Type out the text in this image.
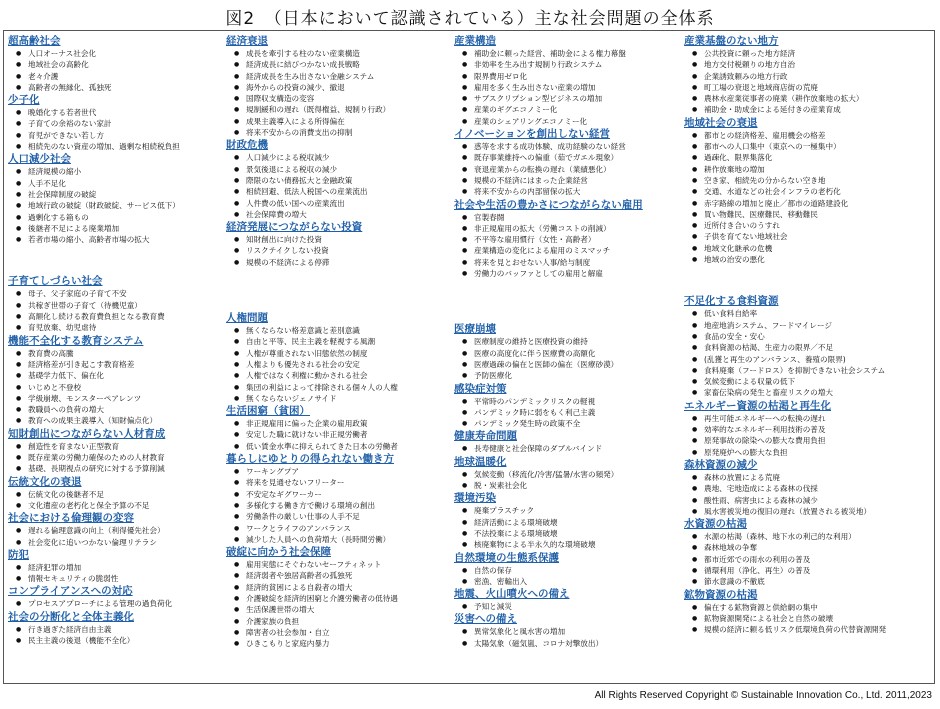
図2　（日本において認識されている）主な社会問題の全体系
超高齢社会
● 人口オーナス社会化
● 地域社会の高齢化
● 老々介護
● 高齢者の無縁化、孤独死
少子化
● 晩婚化する若者世代
● 子育ての余裕のない家計
● 育児ができない若し方
● 相続先のない資産の増加、過剰な相続税負担
人口減少社会
● 経済規模の縮小
● 人手不足化
● 社会保障制度の破綻
● 地域行政の破綻（財政破綻、サービス低下）
● 過剰化する箱もの
● 後継者不足による廃業増加
● 若者市場の縮小、高齢者市場の拡大
子育てしづらい社会
● 母子、父子家庭の子育て不安
● 共稼ぎ世帯の子育て（待機児童）
● 高額化し続ける教育費負担となる教育費
● 育児放棄、幼児虐待
機能不全化する教育システム
● 教育費の高騰
● 経済格差が引き起こす教育格差
● 基礎学力低下、偏在化
● いじめと不登校
● 学級崩壊、モンスターペアレンツ
● 教職員への負荷の増大
● 教育への成果主義導入（知財偏点化）
知財創出につながらない人材育成
● 創造性を育まない正型教育
● 既存産業の労働力確保のための人材教育
● 基礎、長期視点の研究に対する予算削減
伝統文化の衰退
● 伝統文化の後継者不足
● 文化遺産の老朽化と保全予算の不足
社会における倫理観の変容
● 遅れる倫理意識の向上（利得優先社会）
● 社会変化に追いつかない倫理リテラシ
防犯
● 経済犯罪の増加
● 情報セキュリティの脆弱性
コンプライアンスへの対応
● プロセスアプローチによる管理の過負荷化
社会の分断化と全体主義化
● 行き過ぎた経済自由主義
● 民主主義の後退（機能不全化）
経済衰退
● 成長を牽引する柱のない産業構造
● 経済成長に結びつかない成長戦略
● 経済成長を生み出さない金融システム
● 海外からの投資の減少、撤退
● 国際収支構造の変容
● 規制緩和の遅れ（既得権益、規制り行政）
● 成果主義導入による所得偏在
● 将来不安からの消費支出の抑制
財政危機
● 人口減少による税収減少
● 景気後退による税収の減少
● 際限のない債務拡大と金融政策
● 相続回避、低法人税国への産業流出
● 人件費の低い国への産業流出
● 社会保障費の増大
経済発展につながらない投資
● 知財創出に向けた投資
● リスクテイクしない投資
● 規模の不経済による停滞
人権問題
● 無くならない格差意識と差別意識
● 自由と平等、民主主義を軽視する風潮
● 人権が尊重されない旧態依然の制度
● 人権よりも優先される社会の安定
● 人権ではなく利権に動かされる社会
● 集団の利益によって排除される個々人の人権
● 無くならないジェノサイド
生活困窮（貧困）
● 非正規雇用に偏った企業の雇用政策
● 安定した職に就けない非正規労働者
● 低い賃金水準に抑えられてきた日本の労働者
暮らしにゆとりの得られない働き方
● ワーキングプア
● 将来を見通せないフリーター
● 不安定なギグワーカー
● 多様化する働き方で働ける環境の創出
● 労働条件の厳しい仕事の人手不足
● ワークとライフのアンバランス
● 減少した人員への負荷増大（長時間労働）
破綻に向かう社会保障
● 雇用実態にそぐわないセーフティネット
● 経済弱者や独居高齢者の孤独死
● 経済的貧困による自殺者の増大
● 介護破綻を経済的困窮と介護労働者の低待遇
● 生活保護世帯の増大
● 介護家族の負担
● 障害者の社会参加・自立
● ひきこもりと家庭内暴力
産業構造
● 補助金に頼った経営、補助金による権力幕盤
● 非効率を生み出す規制り行政システム
● 限界費用ゼロ化
● 雇用を多く生み出さない産業の増加
● サブスクリプション型ビジネスの増加
● 産業のギグエコノミー化
● 産業のシェアリングエコノミー化
イノベーションを創出しない経営
● 惑等を求する成功体験、成功経験のない経営
● 既存事業維持への偏重（茹でガエル現象）
● 衰退産業からの転換の遅れ（業績悪化）
● 規模の不経済にはまった企業経営
● 将来不安からの内部留保の拡大
社会や生活の豊かさにつながらない雇用
● 官製春闘
● 非正規雇用の拡大（労働コストの削減）
● 不平等な雇用慣行（女性・高齢者）
● 産業構造の変化による雇用のミスマッチ
● 将来を見とおせない人事/給与制度
● 労働力のバッファとしての雇用と解雇
医療崩壊
● 医療制度の維持と医療投資の維持
● 医療の高度化に伴う医療費の高額化
● 医療過疎の偏在と医師の偏在（医療砂漠）
● 予防医療化
感染症対策
● 平常時のパンデミックリスクの軽視
● パンデミック時に弱をもく利己主義
● パンデミック発生時の政策不全
健康寿命問題
● 長寿健康と社会保障のダブルバインド
地球温暖化
● 気候変動（移流化/冷害/猛暑/水害の頻発）
● 脱・炭素社会化
環境汚染
● 廃棄プラスチック
● 経済活動による環境破壊
● 不法投棄による環境破壊
● 核廃棄物による半永久的な環境破壊
自然環境の生態系保護
● 自然の保存
● 密漁、密輸出入
地震、火山噴火への備え
● 予知と減災
災害への備え
● 異常気象化と風水害の増加
● 太陽気象（磁気嵐、コロナ対撃放出）
産業基盤のない地方
● 公共投資に頼った地方経済
● 地方交付税頼りの地方自治
● 企業誘致頼みの地方行政
● 町工場の衰退と地域商店街の荒廃
● 農林水産業従事者の廃業（耕作放棄地の拡大）
● 補助金・助成金による延付きの産業育成
地域社会の衰退
● 都市との経済格差、雇用機会の格差
● 都市への人口集中（東京への一極集中）
● 過疎化、限界集落化
● 耕作放棄地の増加
● 空き家、相続先の分からない空き地
● 交通、水道などの社会インフラの老朽化
● 赤字路線の増加と廃止／都市の道路建設化
● 買い物難民、医療難民、移動難民
● 近所付き合いのうすれ
● 子供を育てない地域社会
● 地域文化継承の危機
● 地域の治安の悪化
不足化する食料資源
● 低い食料自給率
● 地産地消システム、フードマイレージ
● 食品の安全・安心
● 食料資源の枯渇、生産力の限界／不足
● (乱獲と再生のアンバランス、養殖の限界)
● 食料廃棄（フードロス）を抑制できない社会システム
● 気候変動による収量の低下
● 家畜伝染病の発生と畜産リスクの増大
エネルギー資源の枯渇と再生化
● 再生可能エネルギーへの転換の遅れ
● 効率的なエネルギー利用技術の普及
● 原発事故の除染への膨大な費用負担
● 原発廃炉への膨大な負担
森林資源の減少
● 森林の放置による荒廃
● 農地、宅地造成による森林の伐採
● 酸性雨、病害虫による森林の減少
● 風水害被災地の復旧の遅れ（放置される被災地）
水資源の枯渇
● 水源の枯渇（森林、地下水の利己的な利用）
● 森林地域の争奪
● 都市近郊での雨水の利用の普及
● 循環利用（浄化、再生）の普及
● 節水意識の不徹底
鉱物資源の枯渇
● 偏在する鉱物資源と供給網の集中
● 鉱物資源開発による社会と自然の破壊
● 規模の経済に頼る低リスク低環境負荷の代替資源開発
All Rights Reserved Copyright © Sustainable Innovation Co., Ltd. 2011,2023
